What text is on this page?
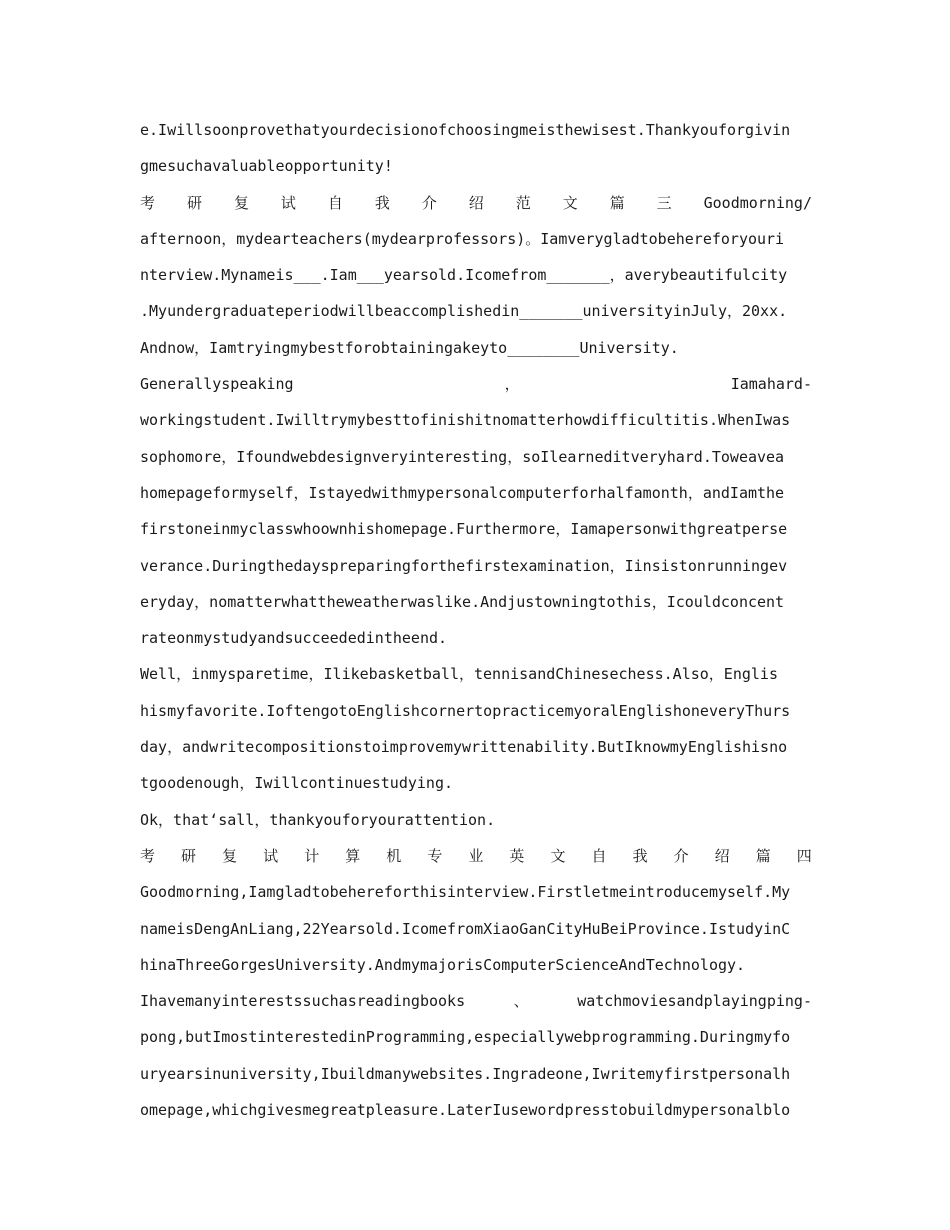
e.Iwillsoonprovethatyourdecisionofchoosingmeisthewisest.Thankyouforgivin
gmesuchavaluableopportunity!
考 研 复 试 自 我 介 绍 范 文 篇 三 Goodmorning/
afternoon，mydearteachers(mydearprofessors)。Iamverygladtobehereforyouri
nterview.Mynameis___.Iam___yearsold.Icomefrom_______，averybeautifulcity
.Myundergraduateperiodwillbeaccomplishedin_______universityinJuly，20xx.
Andnow，Iamtryingmybestforobtainingakeyto________University.
Generallyspeaking	，	Iamahard-
workingstudent.Iwilltrymybesttofinishitnomatterhowdifficultitis.WhenIwas
sophomore，Ifoundwebdesignveryinteresting，soIlearneditveryhard.Toweavea
homepageformyself，Istayedwithmypersonalcomputerforhalfamonth，andIamthe
firstoneinmyclasswhoownhishomepage.Furthermore，Iamapersonwithgreatperse
verance.Duringthedayspreparingforthefirstexamination，Iinsistonrunningev
eryday，nomatterwhattheweatherwaslike.Andjustowningtothis，Icouldconcent
rateonmystudyandsucceededintheend.
Well，inmysparetime，Ilikebasketball，tennisandChinesechess.Also，Englis
hismyfavorite.IoftengotoEnglishcornertopracticemyoralEnglishoneveryThurs
day，andwritecompositionstoimprovemywrittenability.ButIknowmyEnglishisno
tgoodenough，Iwillcontinuestudying.
Ok，that‘sall，thankyouforyourattention.
考 研 复 试 计 算 机 专 业 英 文 自 我 介 绍 篇 四
Goodmorning,Iamgladtobehereforthisinterview.Firstletmeintroducemyself.My
nameisDengAnLiang,22Yearsold.IcomefromXiaoGanCityHuBeiProvince.IstudyinC
hinaThreeGorgesUniversity.AndmymajorisComputerScienceAndTechnology.
Ihavemanyinterestssuchasreadingbooks	、	watchmoviesandplayingping-
pong,butImostinterestedinProgramming,especiallywebprogramming.Duringmyfo
uryearsinuniversity,Ibuildmanywebsites.Ingradeone,Iwritemyfirstpersonalh
omepage,whichgivesmegreatpleasure.LaterIusewordpresstobuildmypersonalblo
